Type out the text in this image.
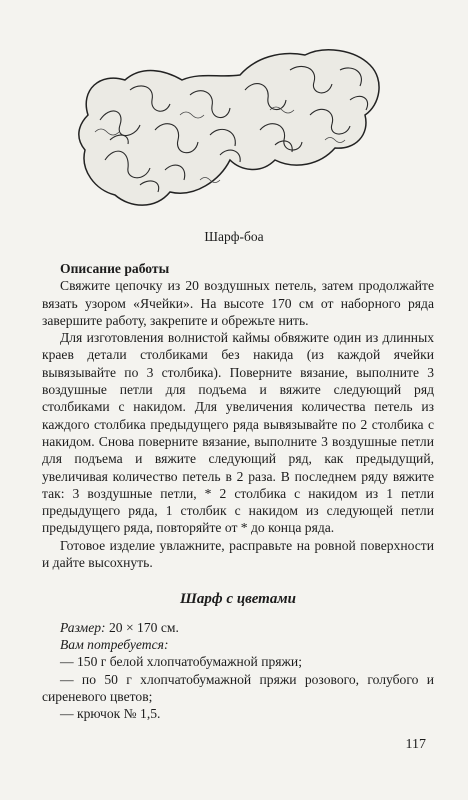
Шарф-боа

Описание работы

Свяжите цепочку из 20 воздушных петель, затем продолжайте вязать узором «Ячейки». На высоте 170 см от наборного ряда завершите работу, закрепите и обрежьте нить.

Для изготовления волнистой каймы обвяжите один из длинных краев детали столбиками без накида (из каждой ячейки вывязывайте по 3 столбика). Поверните вязание, выполните 3 воздушные петли для подъема и вяжите следующий ряд столбиками с накидом. Для увеличения количества петель из каждого столбика предыдущего ряда вывязывайте по 2 столбика с накидом. Снова поверните вязание, выполните 3 воздушные петли для подъема и вяжите следующий ряд, как предыдущий, увеличивая количество петель в 2 раза. В последнем ряду вяжите так: 3 воздушные петли, * 2 столбика с накидом из 1 петли предыдущего ряда, 1 столбик с накидом из следующей петли предыдущего ряда, повторяйте от * до конца ряда.

Готовое изделие увлажните, расправьте на ровной поверхности и дайте высохнуть.

Шарф с цветами

Размер: 20 × 170 см.

Вам потребуется:

— 150 г белой хлопчатобумажной пряжи;

— по 50 г хлопчатобумажной пряжи розового, голубого и сиреневого цветов;

— крючок № 1,5.

117
